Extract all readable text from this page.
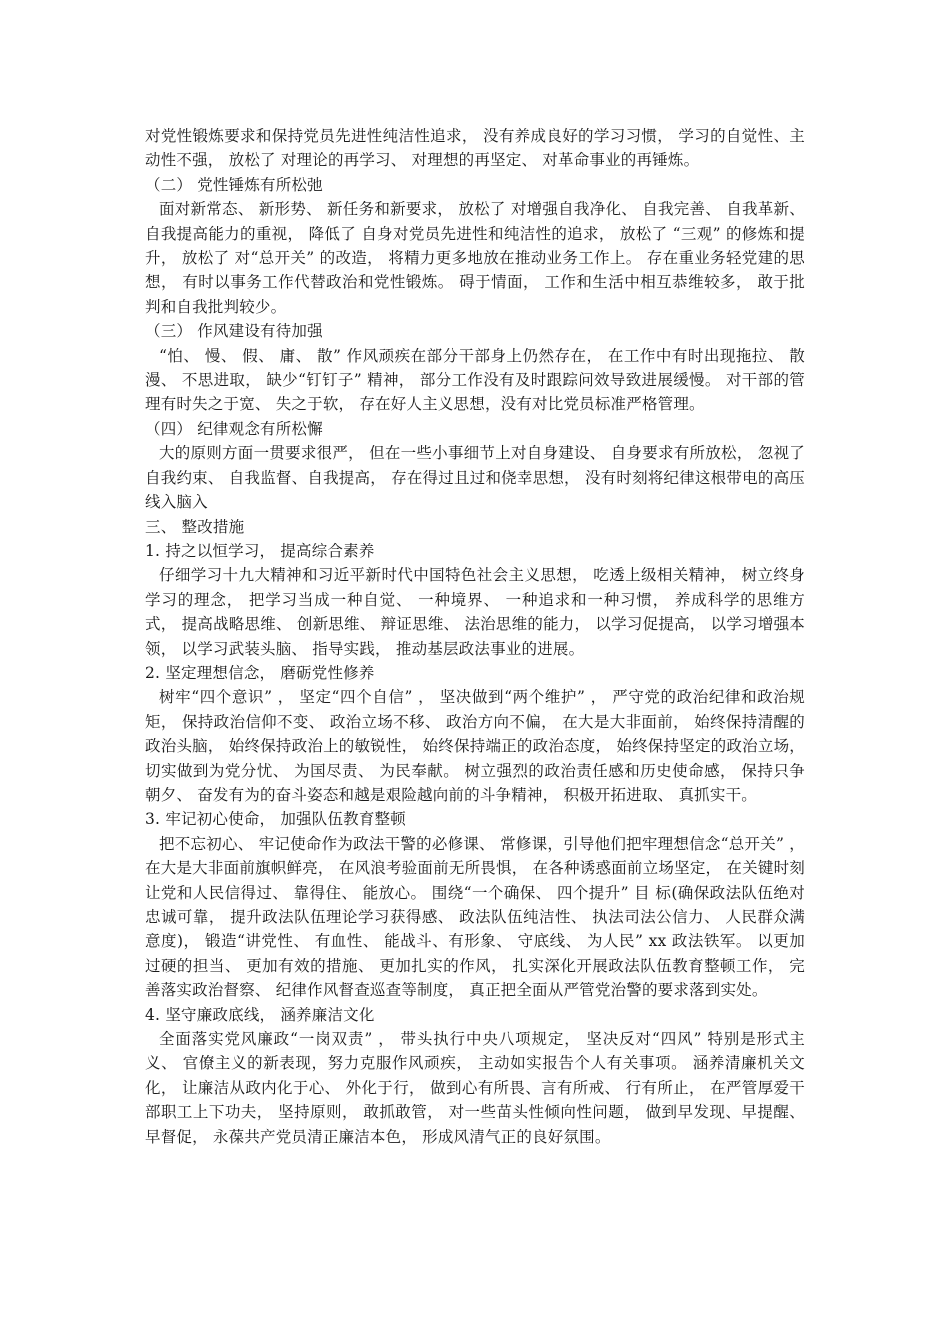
对党性锻炼要求和保持党员先进性纯洁性追求， 没有养成良好的学习习惯， 学习的自觉性、主动性不强， 放松了 对理论的再学习、 对理想的再坚定、 对革命事业的再锤炼。

（二） 党性锤炼有所松弛

面对新常态、 新形势、 新任务和新要求， 放松了 对增强自我净化、 自我完善、 自我革新、 自我提高能力的重视， 降低了 自身对党员先进性和纯洁性的追求， 放松了 “三观” 的修炼和提升， 放松了 对“总开关” 的改造， 将精力更多地放在推动业务工作上。 存在重业务轻党建的思想， 有时以事务工作代替政治和党性锻炼。 碍于情面， 工作和生活中相互恭维较多， 敢于批判和自我批判较少。

（三） 作风建设有待加强

“怕、 慢、 假、 庸、 散” 作风顽疾在部分干部身上仍然存在， 在工作中有时出现拖拉、 散漫、 不思进取， 缺少“钉钉子” 精神， 部分工作没有及时跟踪问效导致进展缓慢。 对干部的管理有时失之于宽、 失之于软， 存在好人主义思想，没有对比党员标准严格管理。

（四） 纪律观念有所松懈

大的原则方面一贯要求很严， 但在一些小事细节上对自身建设、 自身要求有所放松， 忽视了 自我约束、 自我监督、自我提高， 存在得过且过和侥幸思想， 没有时刻将纪律这根带电的高压线入脑入

三、 整改措施

1. 持之以恒学习， 提高综合素养

仔细学习十九大精神和习近平新时代中国特色社会主义思想， 吃透上级相关精神， 树立终身学习的理念， 把学习当成一种自觉、 一种境界、 一种追求和一种习惯， 养成科学的思维方式， 提高战略思维、 创新思维、 辩证思维、 法治思维的能力， 以学习促提高， 以学习增强本领， 以学习武装头脑、 指导实践， 推动基层政法事业的进展。

2. 坚定理想信念， 磨砺党性修养

树牢“四个意识” ， 坚定“四个自信” ， 坚决做到“两个维护” ， 严守党的政治纪律和政治规矩， 保持政治信仰不变、 政治立场不移、 政治方向不偏， 在大是大非面前， 始终保持清醒的政治头脑， 始终保持政治上的敏锐性， 始终保持端正的政治态度， 始终保持坚定的政治立场， 切实做到为党分忧、 为国尽责、 为民奉献。 树立强烈的政治责任感和历史使命感， 保持只争朝夕、 奋发有为的奋斗姿态和越是艰险越向前的斗争精神， 积极开拓进取、 真抓实干。

3. 牢记初心使命， 加强队伍教育整顿

把不忘初心、 牢记使命作为政法干警的必修课、 常修课，引导他们把牢理想信念“总开关” ， 在大是大非面前旗帜鲜亮， 在风浪考验面前无所畏惧， 在各种诱惑面前立场坚定， 在关键时刻让党和人民信得过、 靠得住、 能放心。 围绕“一个确保、 四个提升” 目 标(确保政法队伍绝对忠诚可靠， 提升政法队伍理论学习获得感、 政法队伍纯洁性、 执法司法公信力、 人民群众满意度)， 锻造“讲党性、 有血性、 能战斗、有形象、 守底线、 为人民” xx 政法铁军。 以更加过硬的担当、 更加有效的措施、 更加扎实的作风， 扎实深化开展政法队伍教育整顿工作， 完善落实政治督察、 纪律作风督查巡查等制度， 真正把全面从严管党治警的要求落到实处。

4. 坚守廉政底线， 涵养廉洁文化

全面落实党风廉政“一岗双责” ， 带头执行中央八项规定， 坚决反对“四风” 特别是形式主义、 官僚主义的新表现，努力克服作风顽疾， 主动如实报告个人有关事项。 涵养清廉机关文化， 让廉洁从政内化于心、 外化于行， 做到心有所畏、言有所戒、 行有所止， 在严管厚爱干部职工上下功夫， 坚持原则， 敢抓敢管， 对一些苗头性倾向性问题， 做到早发现、早提醒、 早督促， 永葆共产党员清正廉洁本色， 形成风清气正的良好氛围。
